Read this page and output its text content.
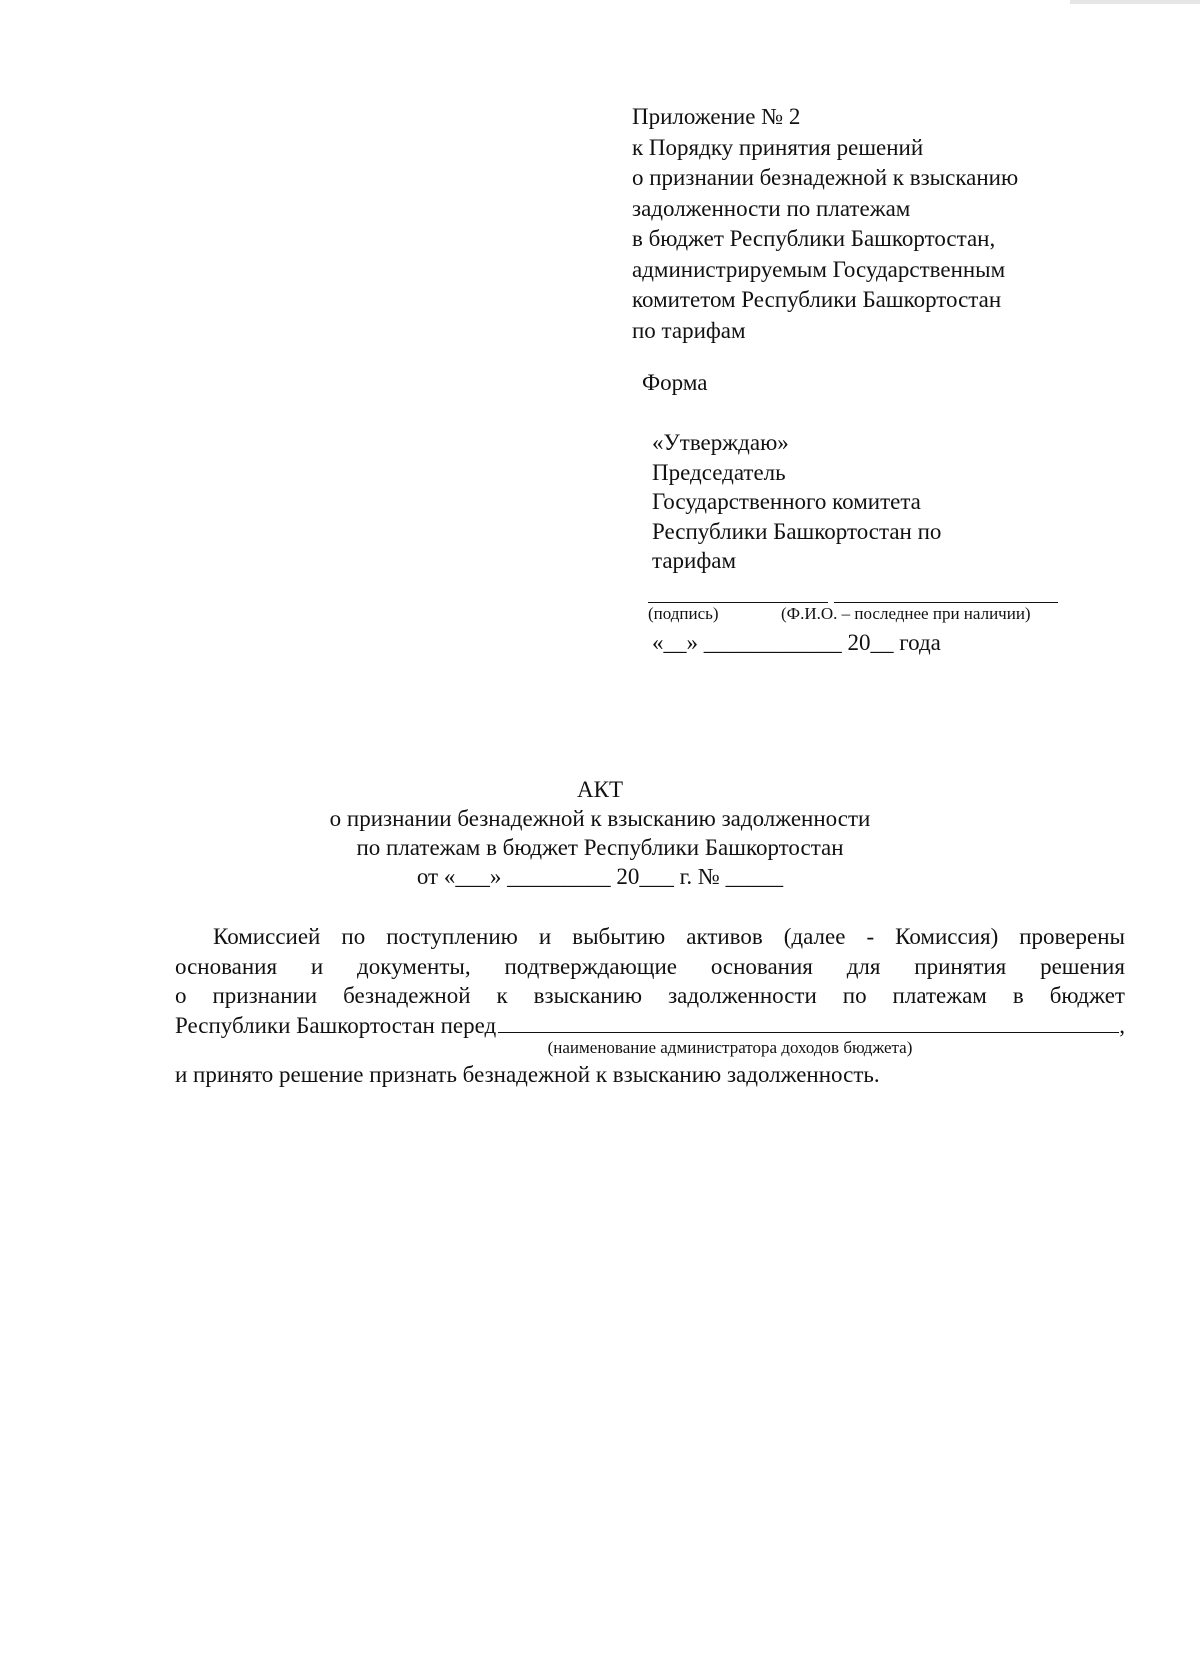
Приложение № 2
к Порядку принятия решений
о признании безнадежной к взысканию
задолженности по платежам
в бюджет Республики Башкортостан,
администрируемым Государственным
комитетом Республики Башкортостан
по тарифам
Форма
«Утверждаю»
Председатель
Государственного комитета
Республики Башкортостан по
тарифам
(подпись)	(Ф.И.О. – последнее при наличии)
«__» ____________ 20__ года
АКТ
о признании безнадежной к взысканию задолженности
по платежам в бюджет Республики Башкортостан
от «___» _________ 20___ г. № _____
Комиссией по поступлению и выбытию активов (далее - Комиссия) проверены
основания и документы, подтверждающие основания для принятия решения
о признании безнадежной к взысканию задолженности по платежам в бюджет
Республики Башкортостан перед	,
(наименование администратора доходов бюджета)
и принято решение признать безнадежной к взысканию задолженность.
